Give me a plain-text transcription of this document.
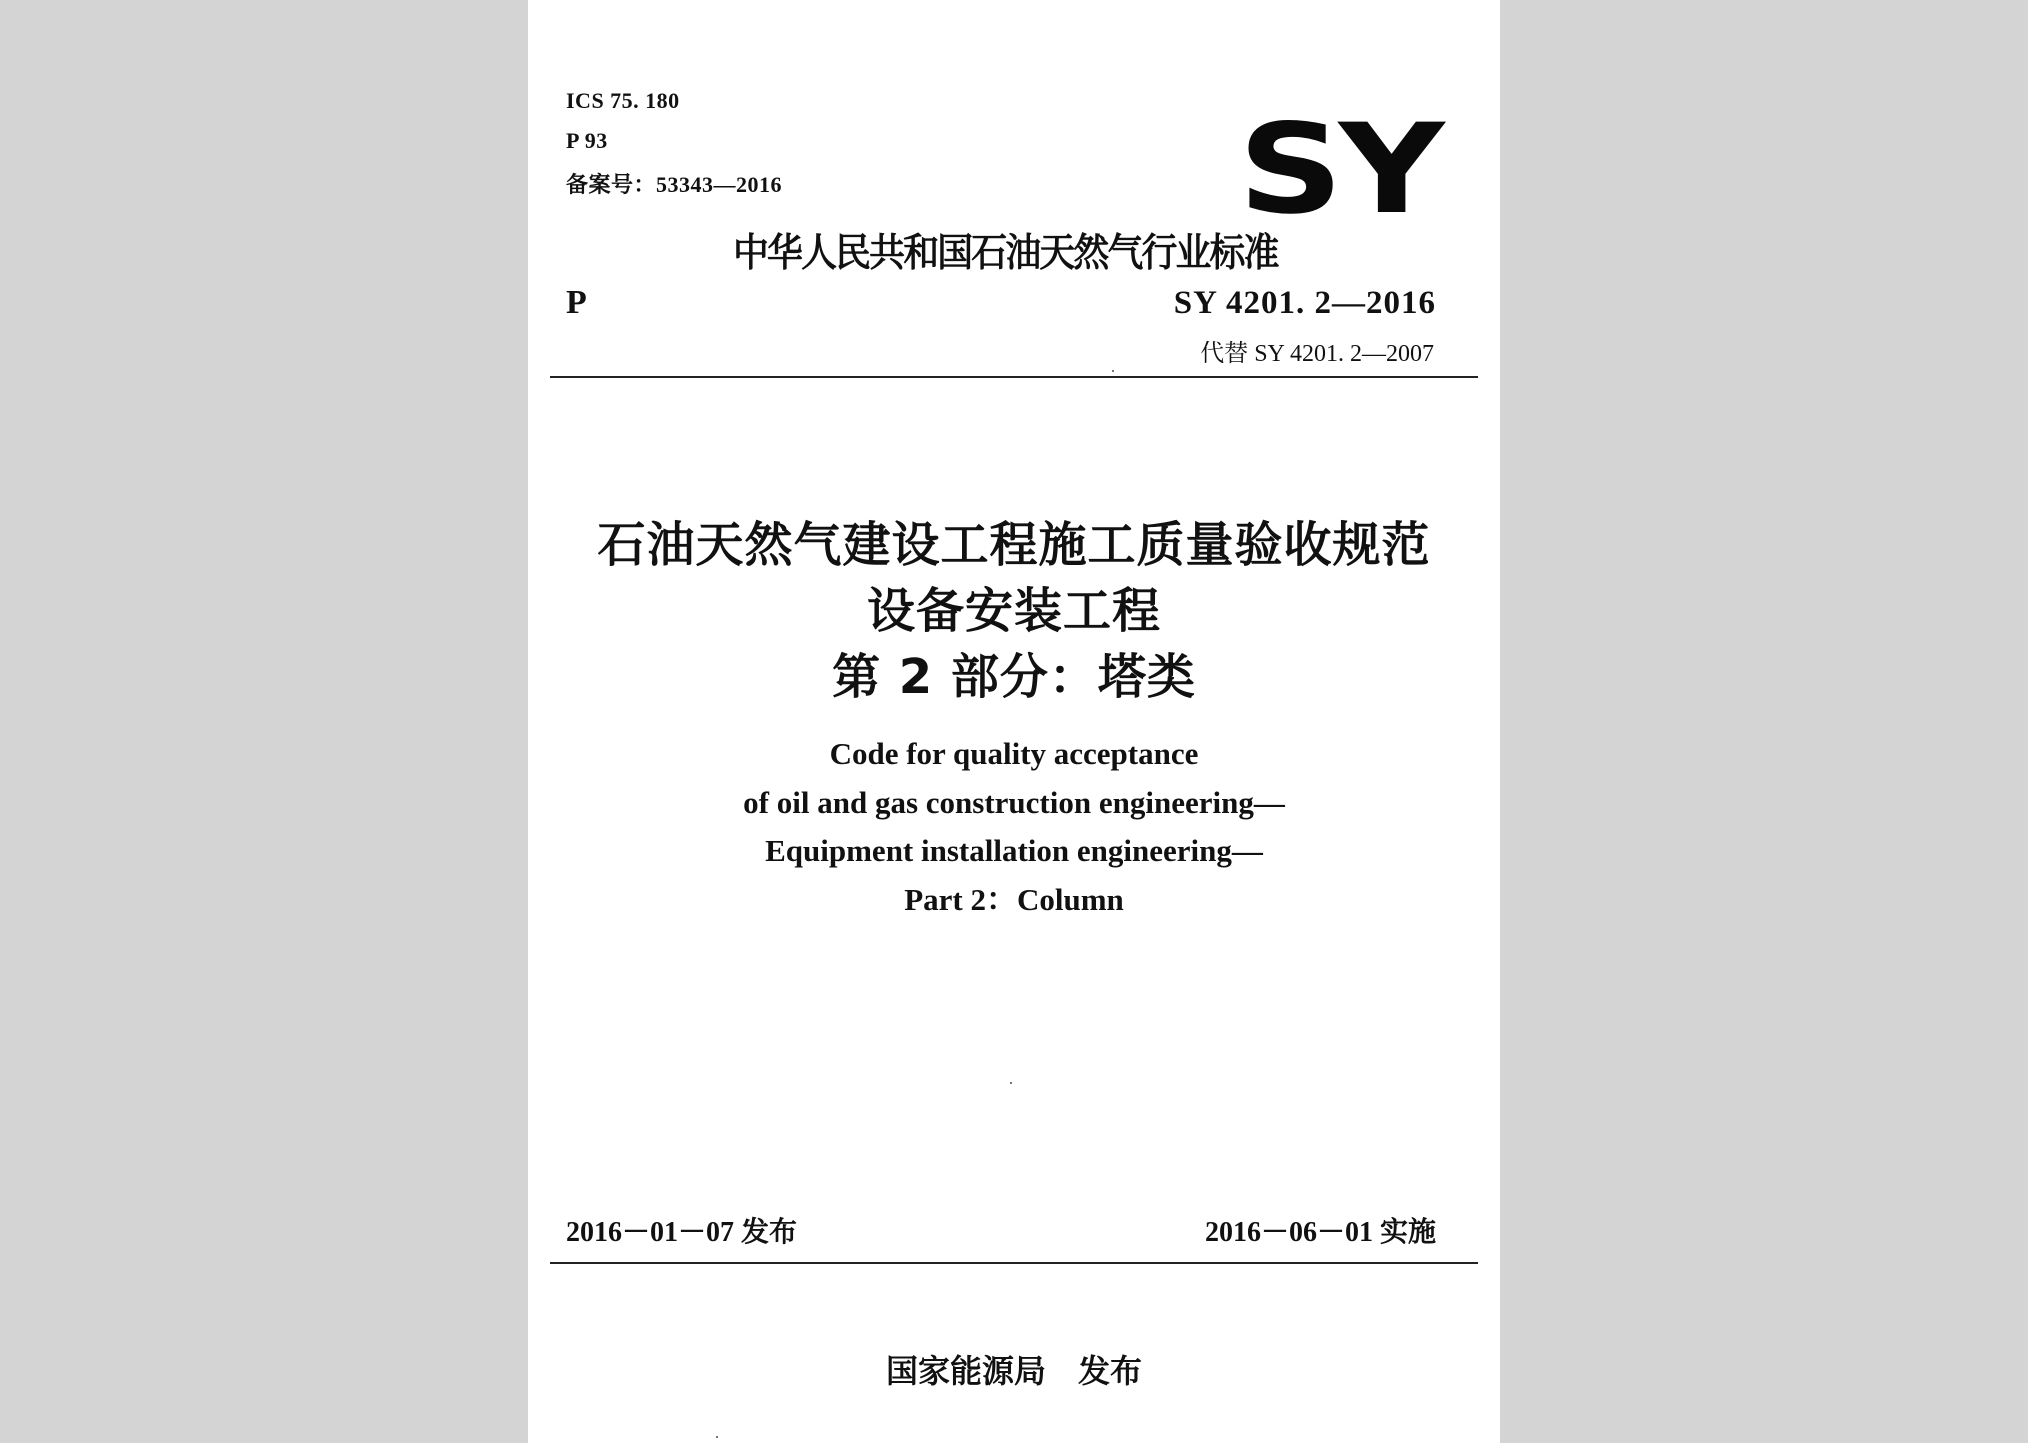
ICS 75. 180
P 93
备案号：53343—2016	SY
中华人民共和国石油天然气行业标准
P	SY 4201. 2—2016
代替 SY 4201. 2—2007
石油天然气建设工程施工质量验收规范
设备安装工程
第 2 部分：塔类
Code for quality acceptance
of oil and gas construction engineering—
Equipment installation engineering—
Part 2：Column
2016－01－07 发布	2016－06－01 实施
国家能源局　发布
